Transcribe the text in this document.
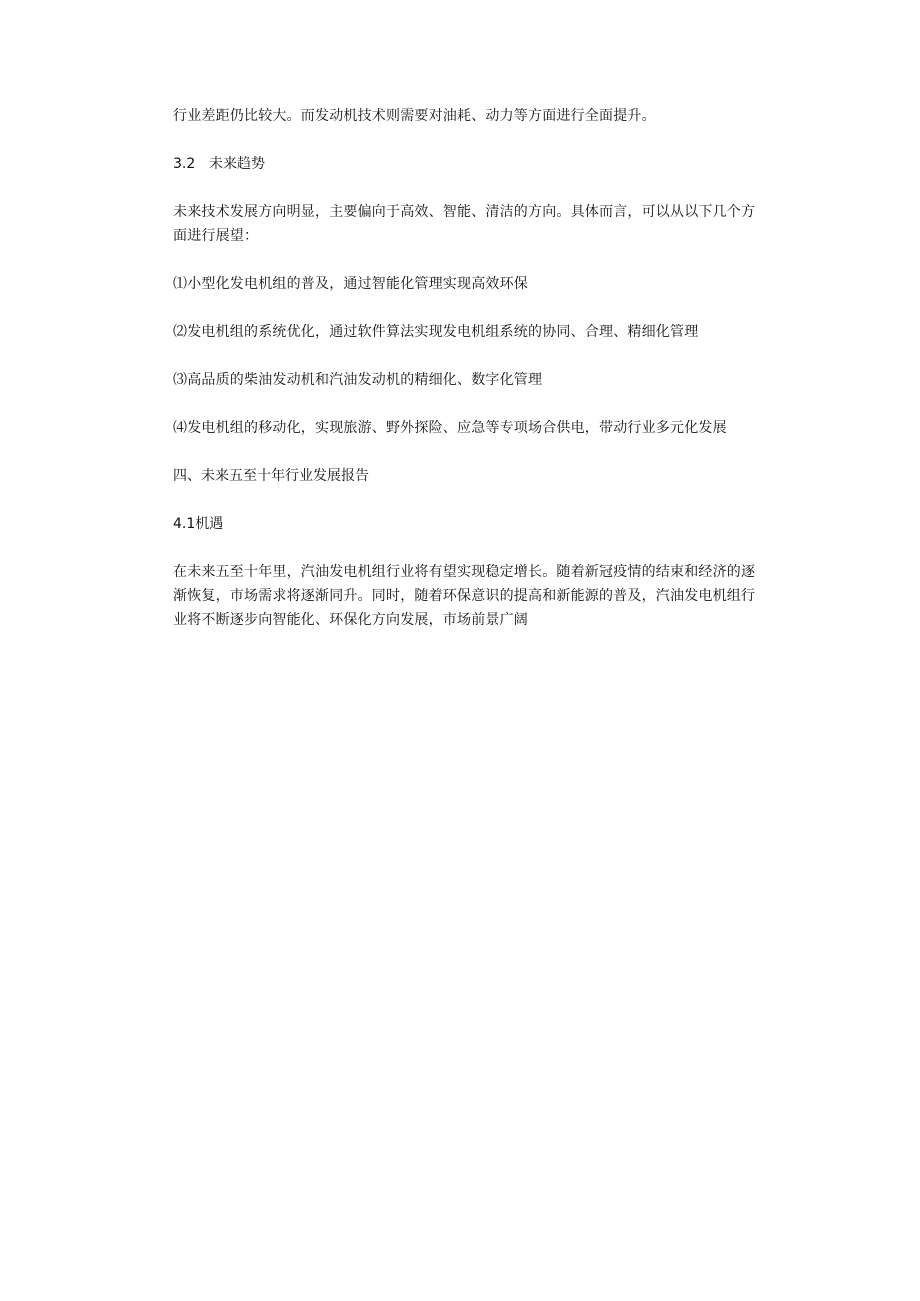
行业差距仍比较大。而发动机技术则需要对油耗、动力等方面进行全面提升。

3.2 未来趋势

未来技术发展方向明显，主要偏向于高效、智能、清洁的方向。具体而言，可以从以下几个方面进行展望：

⑴小型化发电机组的普及，通过智能化管理实现高效环保

⑵发电机组的系统优化，通过软件算法实现发电机组系统的协同、合理、精细化管理

⑶高品质的柴油发动机和汽油发动机的精细化、数字化管理

⑷发电机组的移动化，实现旅游、野外探险、应急等专项场合供电，带动行业多元化发展

四、未来五至十年行业发展报告

4.1机遇

在未来五至十年里，汽油发电机组行业将有望实现稳定增长。随着新冠疫情的结束和经济的逐渐恢复，市场需求将逐渐同升。同时，随着环保意识的提高和新能源的普及，汽油发电机组行业将不断逐步向智能化、环保化方向发展，市场前景广阔
